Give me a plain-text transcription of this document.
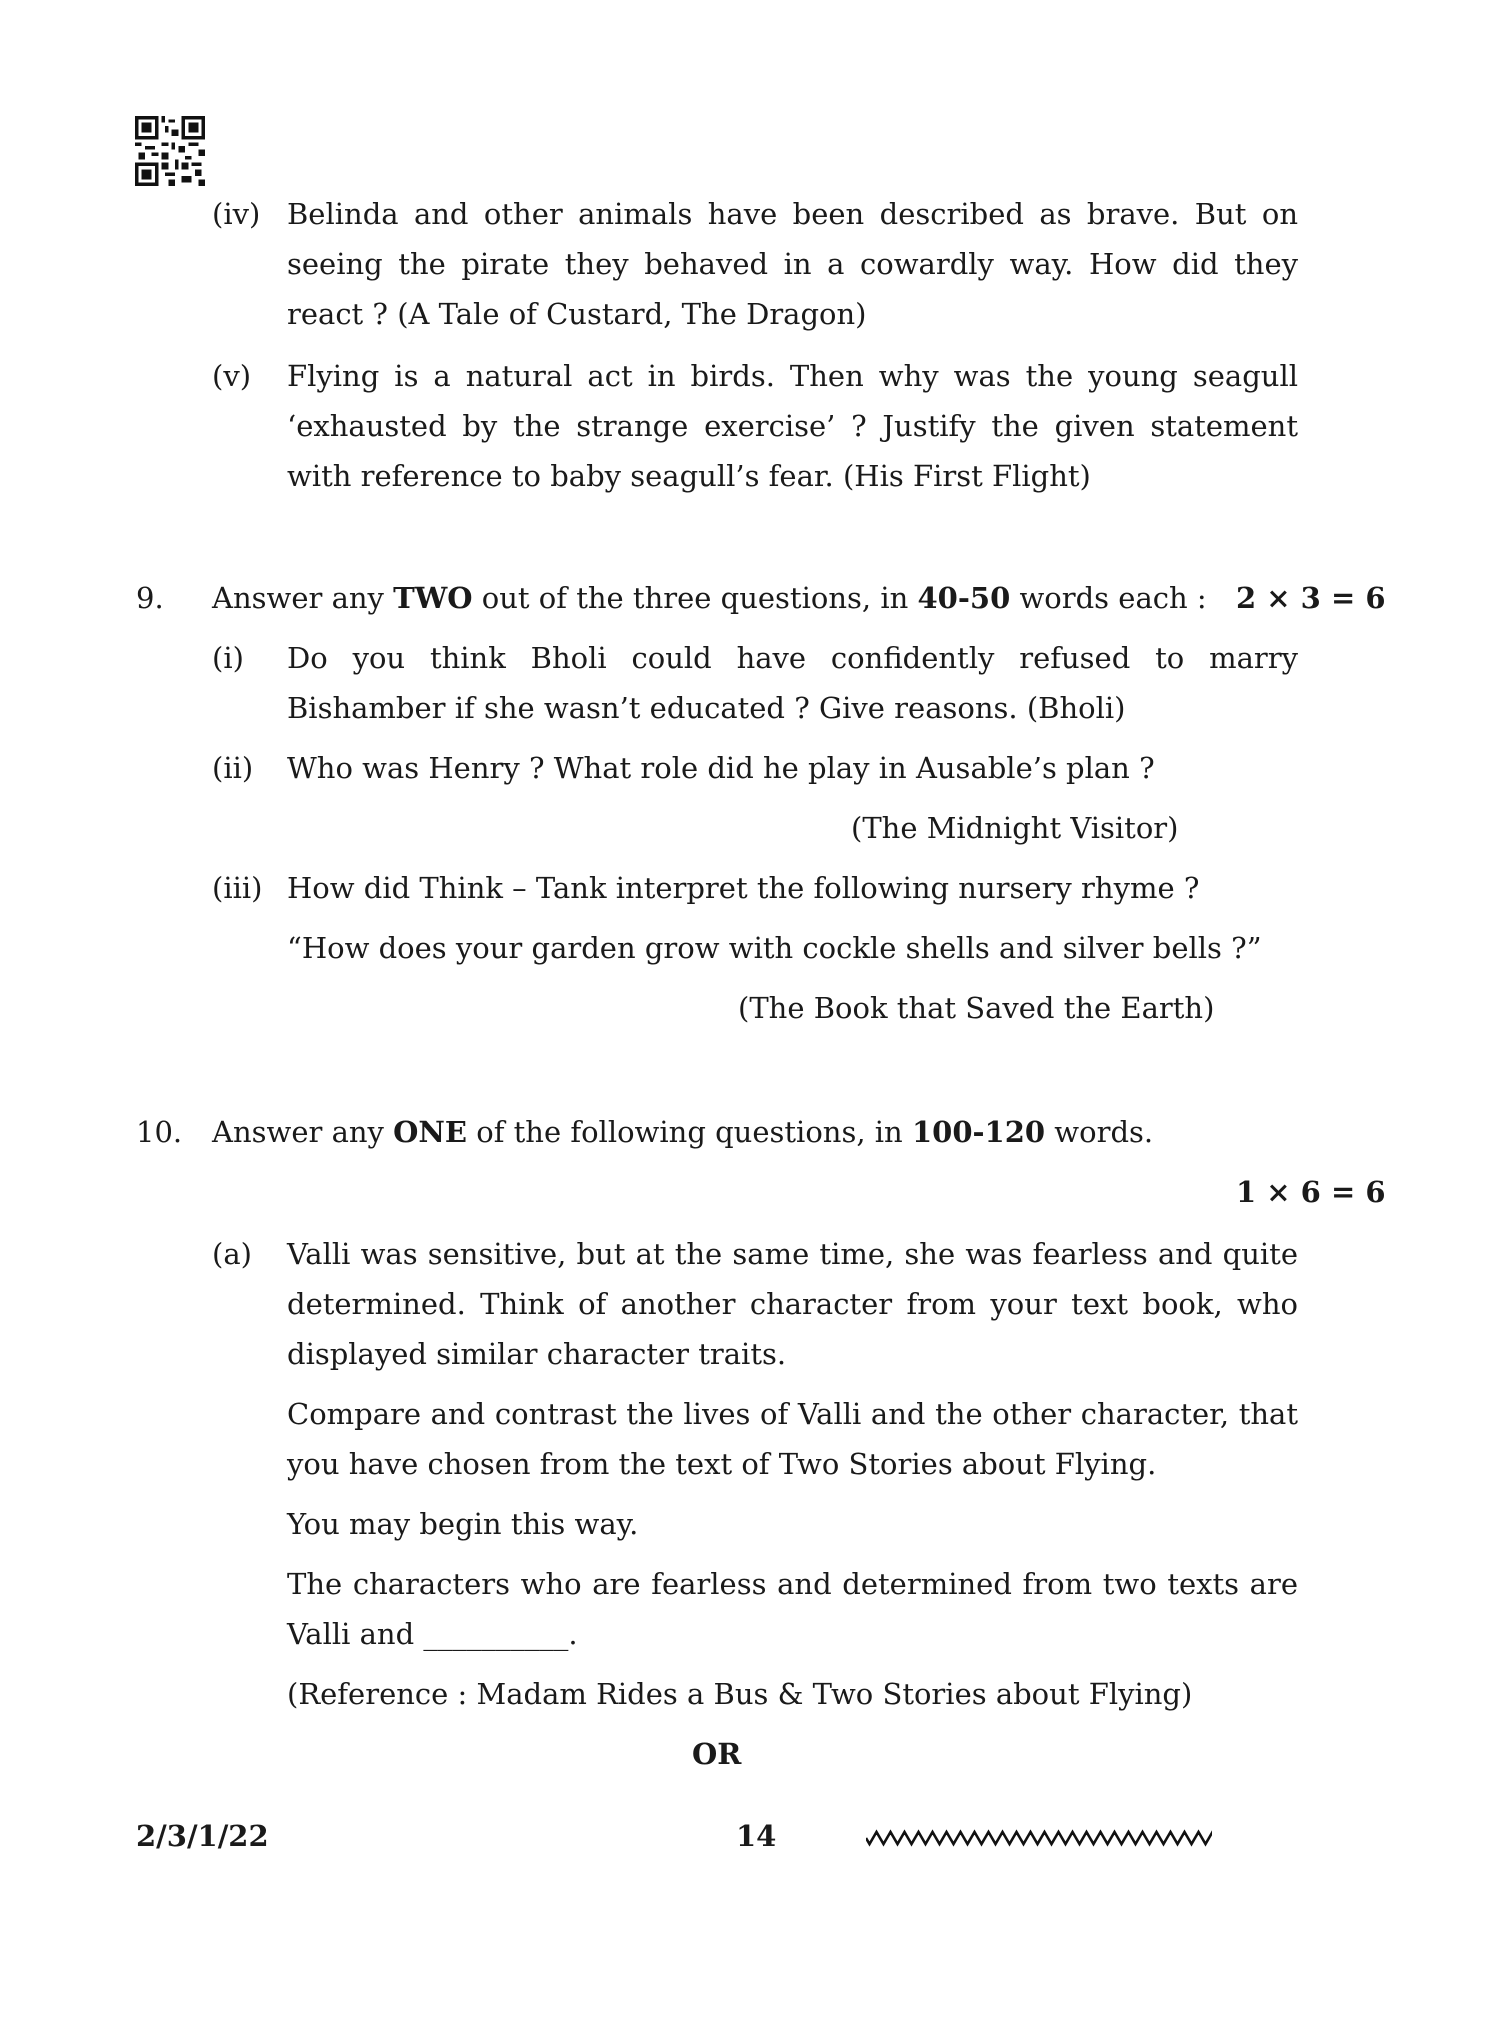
(iv) Belinda and other animals have been described as brave. But on
seeing the pirate they behaved in a cowardly way. How did they
react ? (A Tale of Custard, The Dragon)
(v) Flying is a natural act in birds. Then why was the young seagull
‘exhausted by the strange exercise’ ? Justify the given statement
with reference to baby seagull’s fear. (His First Flight)
9. Answer any TWO out of the three questions, in 40-50 words each : 2 × 3 = 6
(i) Do you think Bholi could have confidently refused to marry
Bishamber if she wasn’t educated ? Give reasons. (Bholi)
(ii) Who was Henry ? What role did he play in Ausable’s plan ?
(The Midnight Visitor)
(iii) How did Think – Tank interpret the following nursery rhyme ?
“How does your garden grow with cockle shells and silver bells ?”
(The Book that Saved the Earth)
10. Answer any ONE of the following questions, in 100-120 words.
1 × 6 = 6
(a) Valli was sensitive, but at the same time, she was fearless and quite
determined. Think of another character from your text book, who
displayed similar character traits.
Compare and contrast the lives of Valli and the other character, that
you have chosen from the text of Two Stories about Flying.
You may begin this way.
The characters who are fearless and determined from two texts are
Valli and __________.
(Reference : Madam Rides a Bus & Two Stories about Flying)
OR
2/3/1/22	14
